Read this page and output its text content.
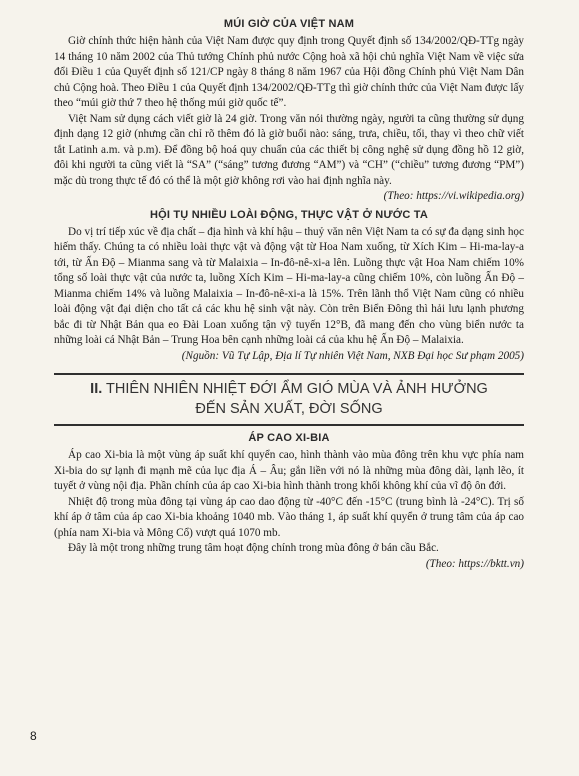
MÚI GIỜ CỦA VIỆT NAM

Giờ chính thức hiện hành của Việt Nam được quy định trong Quyết định số 134/2002/QĐ-TTg ngày 14 tháng 10 năm 2002 của Thủ tướng Chính phủ nước Cộng hoà xã hội chủ nghĩa Việt Nam về việc sửa đổi Điều 1 của Quyết định số 121/CP ngày 8 tháng 8 năm 1967 của Hội đồng Chính phủ Việt Nam Dân chủ Cộng hoà. Theo Điều 1 của Quyết định 134/2002/QĐ-TTg thì giờ chính thức của Việt Nam được lấy theo “múi giờ thứ 7 theo hệ thống múi giờ quốc tế”.

Việt Nam sử dụng cách viết giờ là 24 giờ. Trong văn nói thường ngày, người ta cũng thường sử dụng định dạng 12 giờ (nhưng cần chỉ rõ thêm đó là giờ buổi nào: sáng, trưa, chiều, tối, thay vì theo chữ viết tắt Latinh a.m. và p.m). Để đồng bộ hoá quy chuẩn của các thiết bị công nghệ sử dụng đồng hồ 12 giờ, đôi khi người ta cũng viết là “SA” (“sáng” tương đương “AM”) và “CH” (“chiều” tương đương “PM”) mặc dù trong thực tế đó có thể là một giờ không rơi vào hai định nghĩa này.

(Theo: https://vi.wikipedia.org)
HỘI TỤ NHIỀU LOÀI ĐỘNG, THỰC VẬT Ở NƯỚC TA

Do vị trí tiếp xúc về địa chất – địa hình và khí hậu – thuỷ văn nên Việt Nam ta có sự đa dạng sinh học hiếm thấy. Chúng ta có nhiều loài thực vật và động vật từ Hoa Nam xuống, từ Xích Kim – Hi-ma-lay-a tới, từ Ấn Độ – Mianma sang và từ Malaixia – In-đô-nê-xi-a lên. Luồng thực vật Hoa Nam chiếm 10% tổng số loài thực vật của nước ta, luồng Xích Kim – Hi-ma-lay-a cũng chiếm 10%, còn luồng Ấn Độ – Mianma chiếm 14% và luồng Malaixia – In-đô-nê-xi-a là 15%. Trên lãnh thổ Việt Nam cũng có nhiều loài động vật đại diện cho tất cả các khu hệ sinh vật này. Còn trên Biển Đông thì hải lưu lạnh phương bắc đi từ Nhật Bản qua eo Đài Loan xuống tận vỹ tuyến 12°B, đã mang đến cho vùng biển nước ta những loài cá Nhật Bản – Trung Hoa bên cạnh những loài cá của khu hệ Ấn Độ – Malaixia.

(Nguồn: Vũ Tự Lập, Địa lí Tự nhiên Việt Nam, NXB Đại học Sư phạm 2005)
II. THIÊN NHIÊN NHIỆT ĐỚI ẨM GIÓ MÙA VÀ ẢNH HƯỞNG
ĐẾN SẢN XUẤT, ĐỜI SỐNG
ÁP CAO XI-BIA

Áp cao Xi-bia là một vùng áp suất khí quyển cao, hình thành vào mùa đông trên khu vực phía nam Xi-bia do sự lạnh đi mạnh mẽ của lục địa Á – Âu; gắn liền với nó là những mùa đông dài, lạnh lẽo, ít tuyết ở vùng nội địa. Phần chính của áp cao Xi-bia hình thành trong khối không khí của vĩ độ ôn đới.

Nhiệt độ trong mùa đông tại vùng áp cao dao động từ -40°C đến -15°C (trung bình là -24°C). Trị số khí áp ở tâm của áp cao Xi-bia khoảng 1040 mb. Vào tháng 1, áp suất khí quyển ở trung tâm của áp cao (phía nam Xi-bia và Mông Cổ) vượt quá 1070 mb.

Đây là một trong những trung tâm hoạt động chính trong mùa đông ở bán cầu Bắc.

(Theo: https://bktt.vn)
8
